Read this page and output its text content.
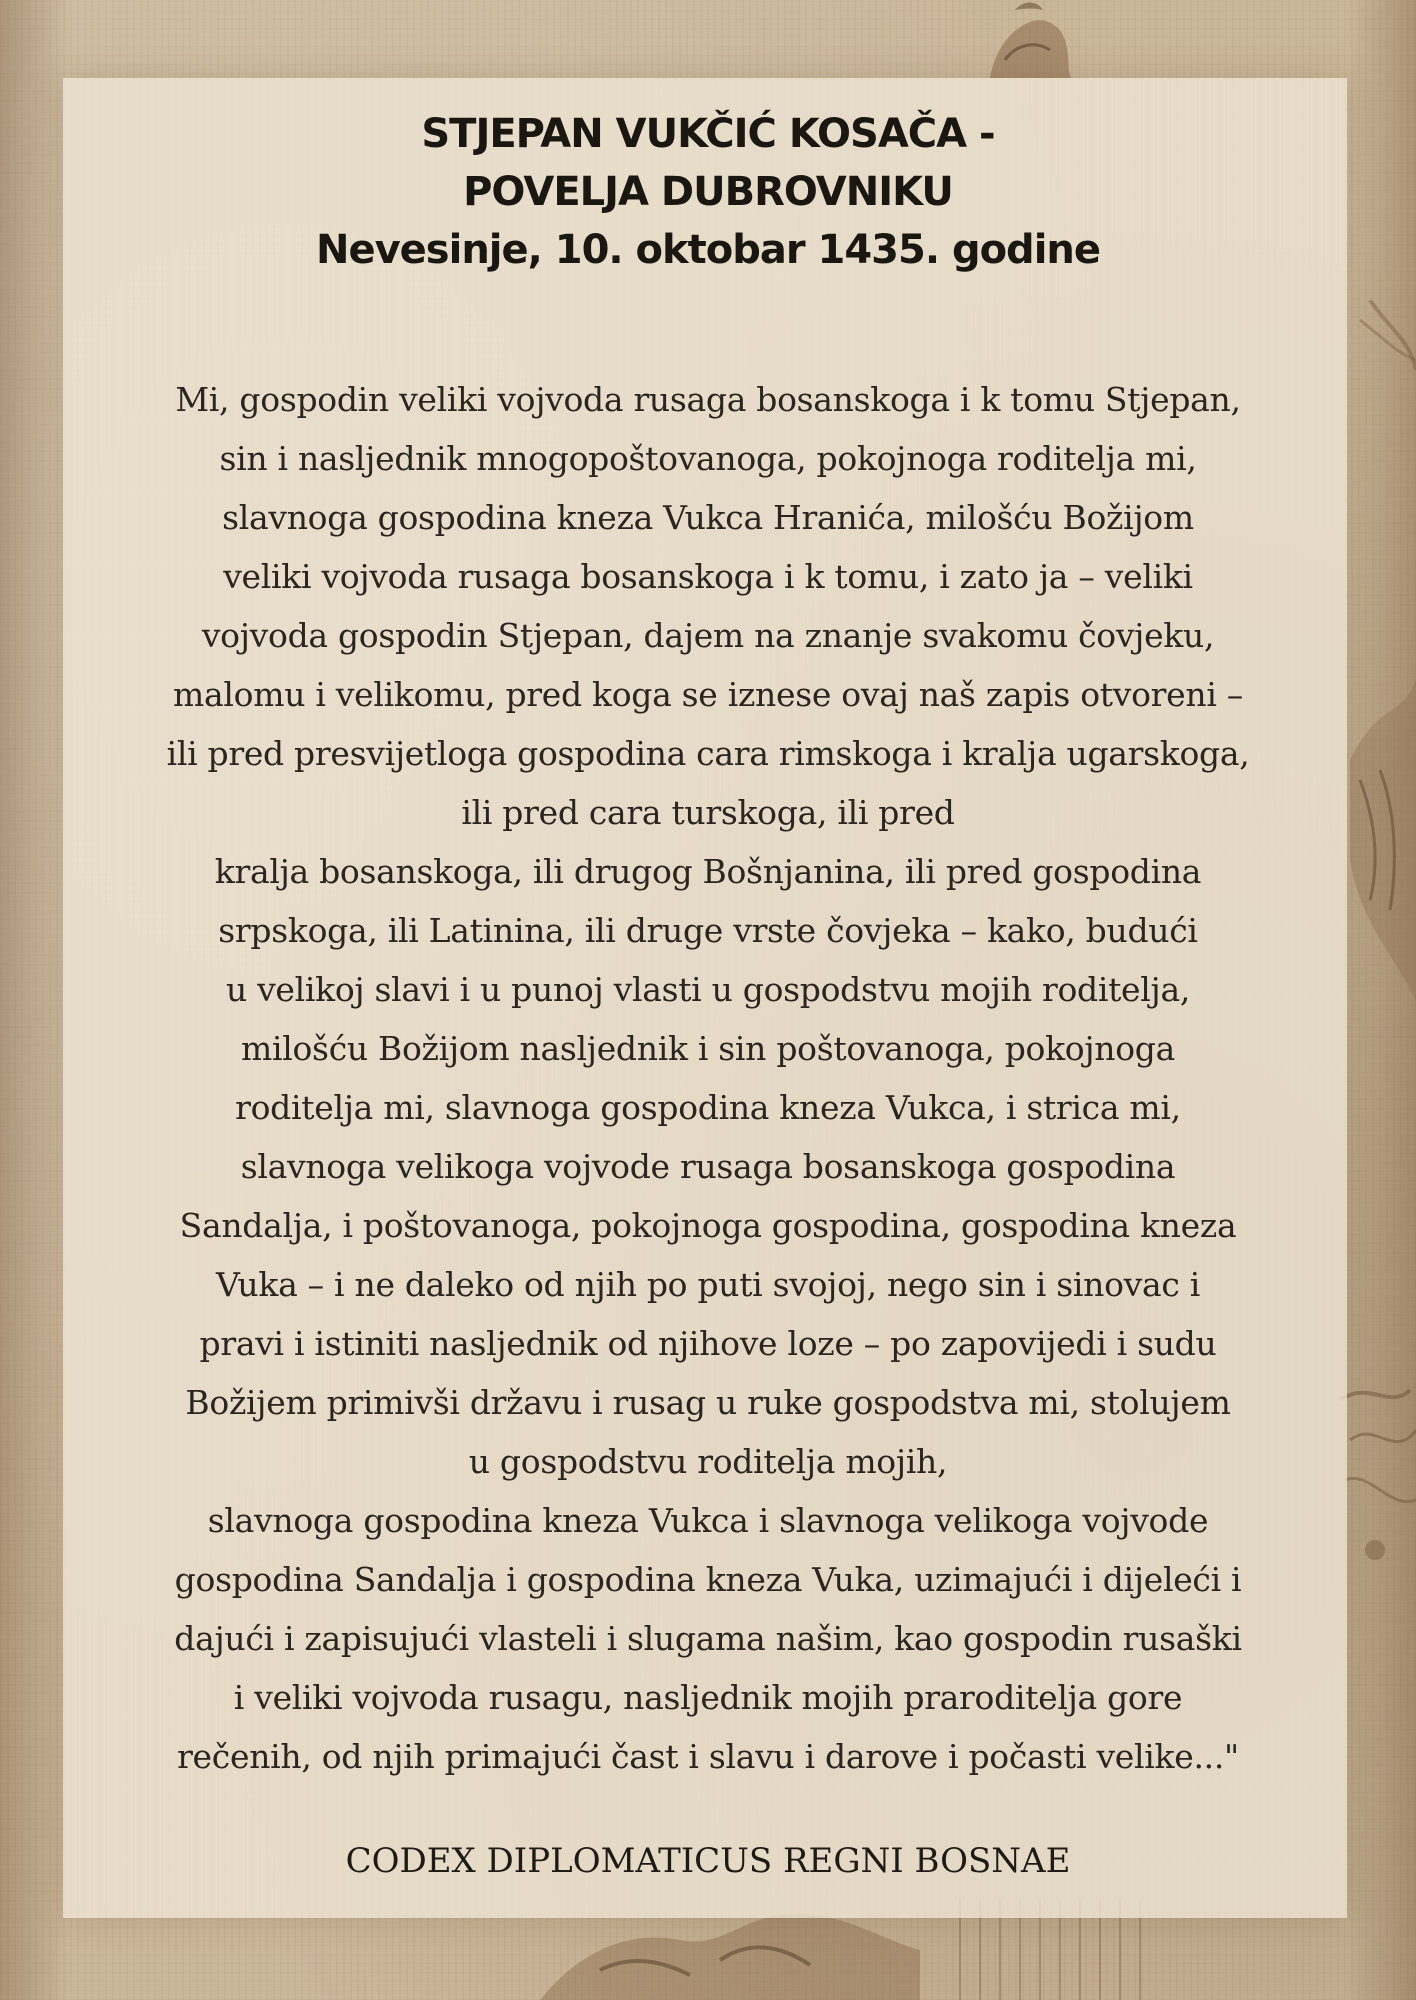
STJEPAN VUKČIĆ KOSAČA -
POVELJA DUBROVNIKU
Nevesinje, 10. oktobar 1435. godine
Mi, gospodin veliki vojvoda rusaga bosanskoga i k tomu Stjepan,
sin i nasljednik mnogopoštovanoga, pokojnoga roditelja mi,
slavnoga gospodina kneza Vukca Hranića, milošću Božijom
veliki vojvoda rusaga bosanskoga i k tomu, i zato ja – veliki
vojvoda gospodin Stjepan, dajem na znanje svakomu čovjeku,
malomu i velikomu, pred koga se iznese ovaj naš zapis otvoreni –
ili pred presvijetloga gospodina cara rimskoga i kralja ugarskoga,
ili pred cara turskoga, ili pred
kralja bosanskoga, ili drugog Bošnjanina, ili pred gospodina
srpskoga, ili Latinina, ili druge vrste čovjeka – kako, budući
u velikoj slavi i u punoj vlasti u gospodstvu mojih roditelja,
milošću Božijom nasljednik i sin poštovanoga, pokojnoga
roditelja mi, slavnoga gospodina kneza Vukca, i strica mi,
slavnoga velikoga vojvode rusaga bosanskoga gospodina
Sandalja, i poštovanoga, pokojnoga gospodina, gospodina kneza
Vuka – i ne daleko od njih po puti svojoj, nego sin i sinovac i
pravi i istiniti nasljednik od njihove loze – po zapovijedi i sudu
Božijem primivši državu i rusag u ruke gospodstva mi, stolujem
u gospodstvu roditelja mojih,
slavnoga gospodina kneza Vukca i slavnoga velikoga vojvode
gospodina Sandalja i gospodina kneza Vuka, uzimajući i dijeleći i
dajući i zapisujući vlasteli i slugama našim, kao gospodin rusaški
i veliki vojvoda rusagu, nasljednik mojih praroditelja gore
rečenih, od njih primajući čast i slavu i darove i počasti velike..."
CODEX DIPLOMATICUS REGNI BOSNAE
